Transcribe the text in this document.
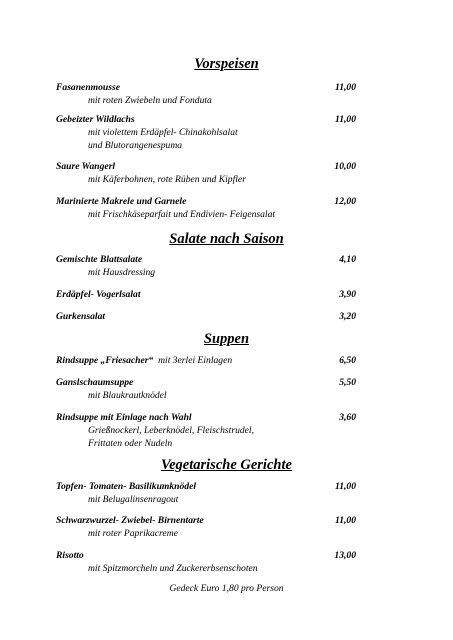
Vorspeisen
Fasanenmousse	11,00
mit roten Zwiebeln und Fonduta
Gebeizter Wildlachs	11,00
mit violettem Erdäpfel- Chinakohlsalat
und Blutorangenespuma
Saure Wangerl	10,00
mit Käferbohnen, rote Rüben und Kipfler
Marinierte Makrele und Garnele	12,00
mit Frischkäseparfait und Endivien- Feigensalat
Salate nach Saison
Gemischte Blattsalate	4,10
mit Hausdressing
Erdäpfel- Vogerlsalat	3,90
Gurkensalat	3,20
Suppen
Rindsuppe „Friesacher“ mit 3erlei Einlagen	6,50
Ganslschaumsuppe	5,50
mit Blaukrautknödel
Rindsuppe mit Einlage nach Wahl	3,60
Grießnockerl, Leberknödel, Fleischstrudel,
Frittaten oder Nudeln
Vegetarische Gerichte
Topfen- Tomaten- Basilikumknödel	11,00
mit Belugalinsenragout
Schwarzwurzel- Zwiebel- Birnentarte	11,00
mit roter Paprikacreme
Risotto	13,00
mit Spitzmorcheln und Zuckererbsenschoten
Gedeck Euro 1,80 pro Person
